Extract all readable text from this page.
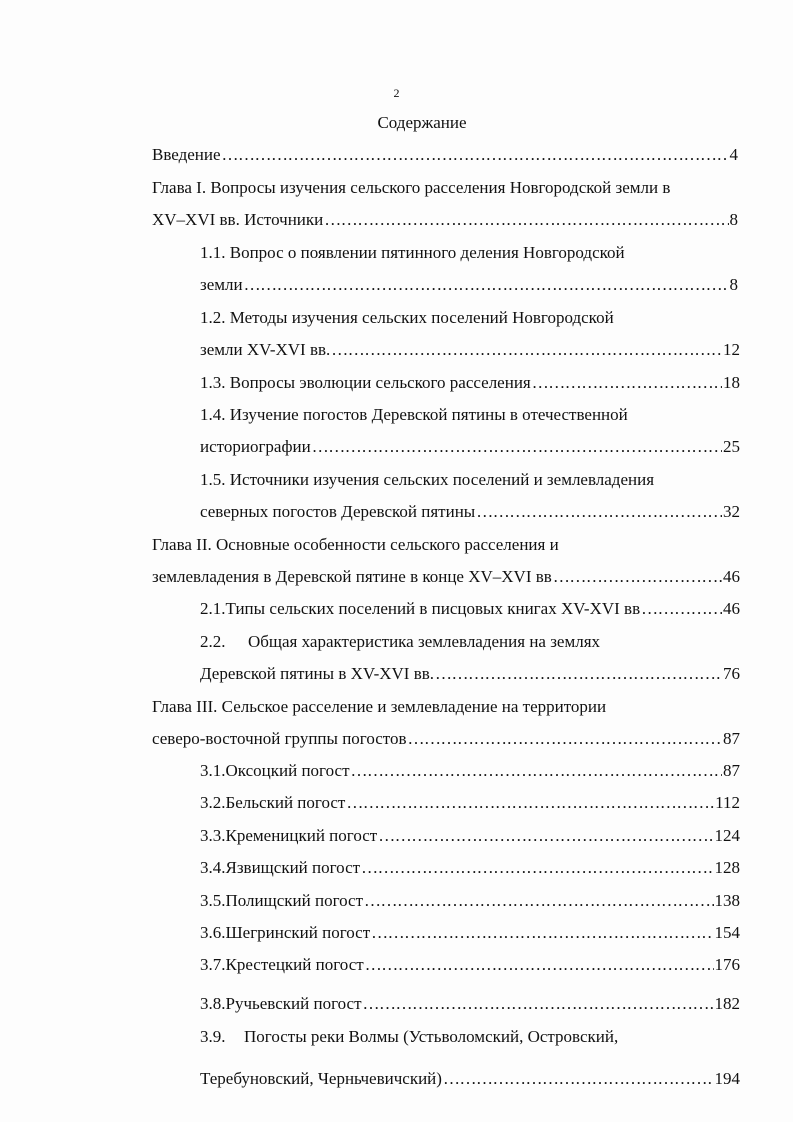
2
Содержание
Введение ………………………………………………………………………………………………………………………………………………………………	4
Глава I. Вопросы изучения сельского расселения Новгородской земли в
XV–XVI вв. Источники ………………………………………………………………………………………………………………………………………………………………	8
1.1. Вопрос о появлении пятинного деления Новгородской
земли ………………………………………………………………………………………………………………………………………………………………	8
1.2. Методы изучения сельских поселений Новгородской
земли XV-XVI вв. ………………………………………………………………………………………………………………………………………………………………	12
1.3. Вопросы эволюции сельского расселения ………………………………………………………………………………………………………………………………………………………………	18
1.4. Изучение погостов Деревской пятины в отечественной
историографии ………………………………………………………………………………………………………………………………………………………………	25
1.5. Источники изучения сельских поселений и землевладения
северных погостов Деревской пятины ………………………………………………………………………………………………………………………………………………………………	32
Глава II. Основные особенности сельского расселения и
землевладения в Деревской пятине в конце XV–XVI вв ………………………………………………………………………………………………………………………………………………………………	46
2.1. Типы сельских поселений в писцовых книгах XV-XVI вв ………………………………………………………………………………………………………………………………………………………………	46
2.2. Общая характеристика землевладения на землях
Деревской пятины в XV-XVI вв. ………………………………………………………………………………………………………………………………………………………………	76
Глава III. Сельское расселение и землевладение на территории
северо-восточной группы погостов ………………………………………………………………………………………………………………………………………………………………	87
3.1. Оксоцкий погост ………………………………………………………………………………………………………………………………………………………………	87
3.2. Бельский погост ………………………………………………………………………………………………………………………………………………………………	112
3.3. Кременицкий погост ………………………………………………………………………………………………………………………………………………………………	124
3.4. Язвищский погост ………………………………………………………………………………………………………………………………………………………………	128
3.5. Полищский погост ………………………………………………………………………………………………………………………………………………………………	138
3.6. Шегринский погост ………………………………………………………………………………………………………………………………………………………………	154
3.7. Крестецкий погост ………………………………………………………………………………………………………………………………………………………………	176
3.8. Ручьевский погост ………………………………………………………………………………………………………………………………………………………………	182
3.9. Погосты реки Волмы (Устьволомский, Островский,
Теребуновский, Черньчевичский) ………………………………………………………………………………………………………………………………………………………………	194
